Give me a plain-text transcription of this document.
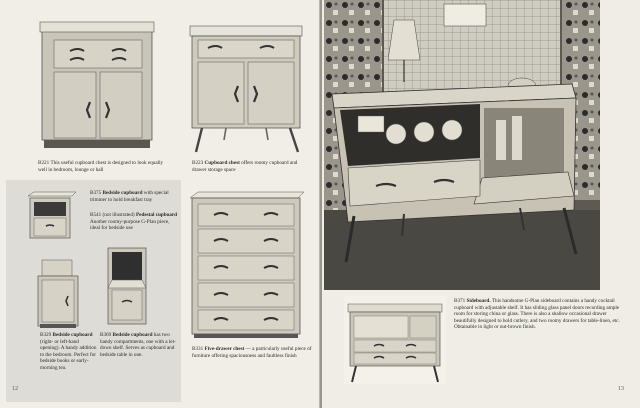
B221 This useful cupboard chest is designed to look equally well in bedroom, lounge or hall
B223 Cupboard chest offers roomy cupboard and drawer storage space
B375 Bedside cupboard with special trimmer to hold breakfast tray
B541 (not illustrated) Pedestal cupboard Another roomy-purpose G-Plan piece, ideal for bedside use
B329 Bedside cupboard (right- or left-hand opening). A handy addition to the bedroom. Perfect for bedside books or early-morning tea.
B369 Bedside cupboard has two handy compartments, one with a let-down shelf. Serves as cupboard and bedside table in one.
B331 Five-drawer chest — a particularly useful piece of furniture offering spaciousness and faultless finish
12
B371 Sideboard. This handsome G-Plan sideboard contains a handy cocktail cupboard with adjustable shelf. It has sliding glass panel doors recording ample room for storing china or glass. There is also a shallow occasional drawer beautifully designed to hold cutlery, and two roomy drawers for table-linen, etc. Obtainable in light or nut-brown finish.
13
